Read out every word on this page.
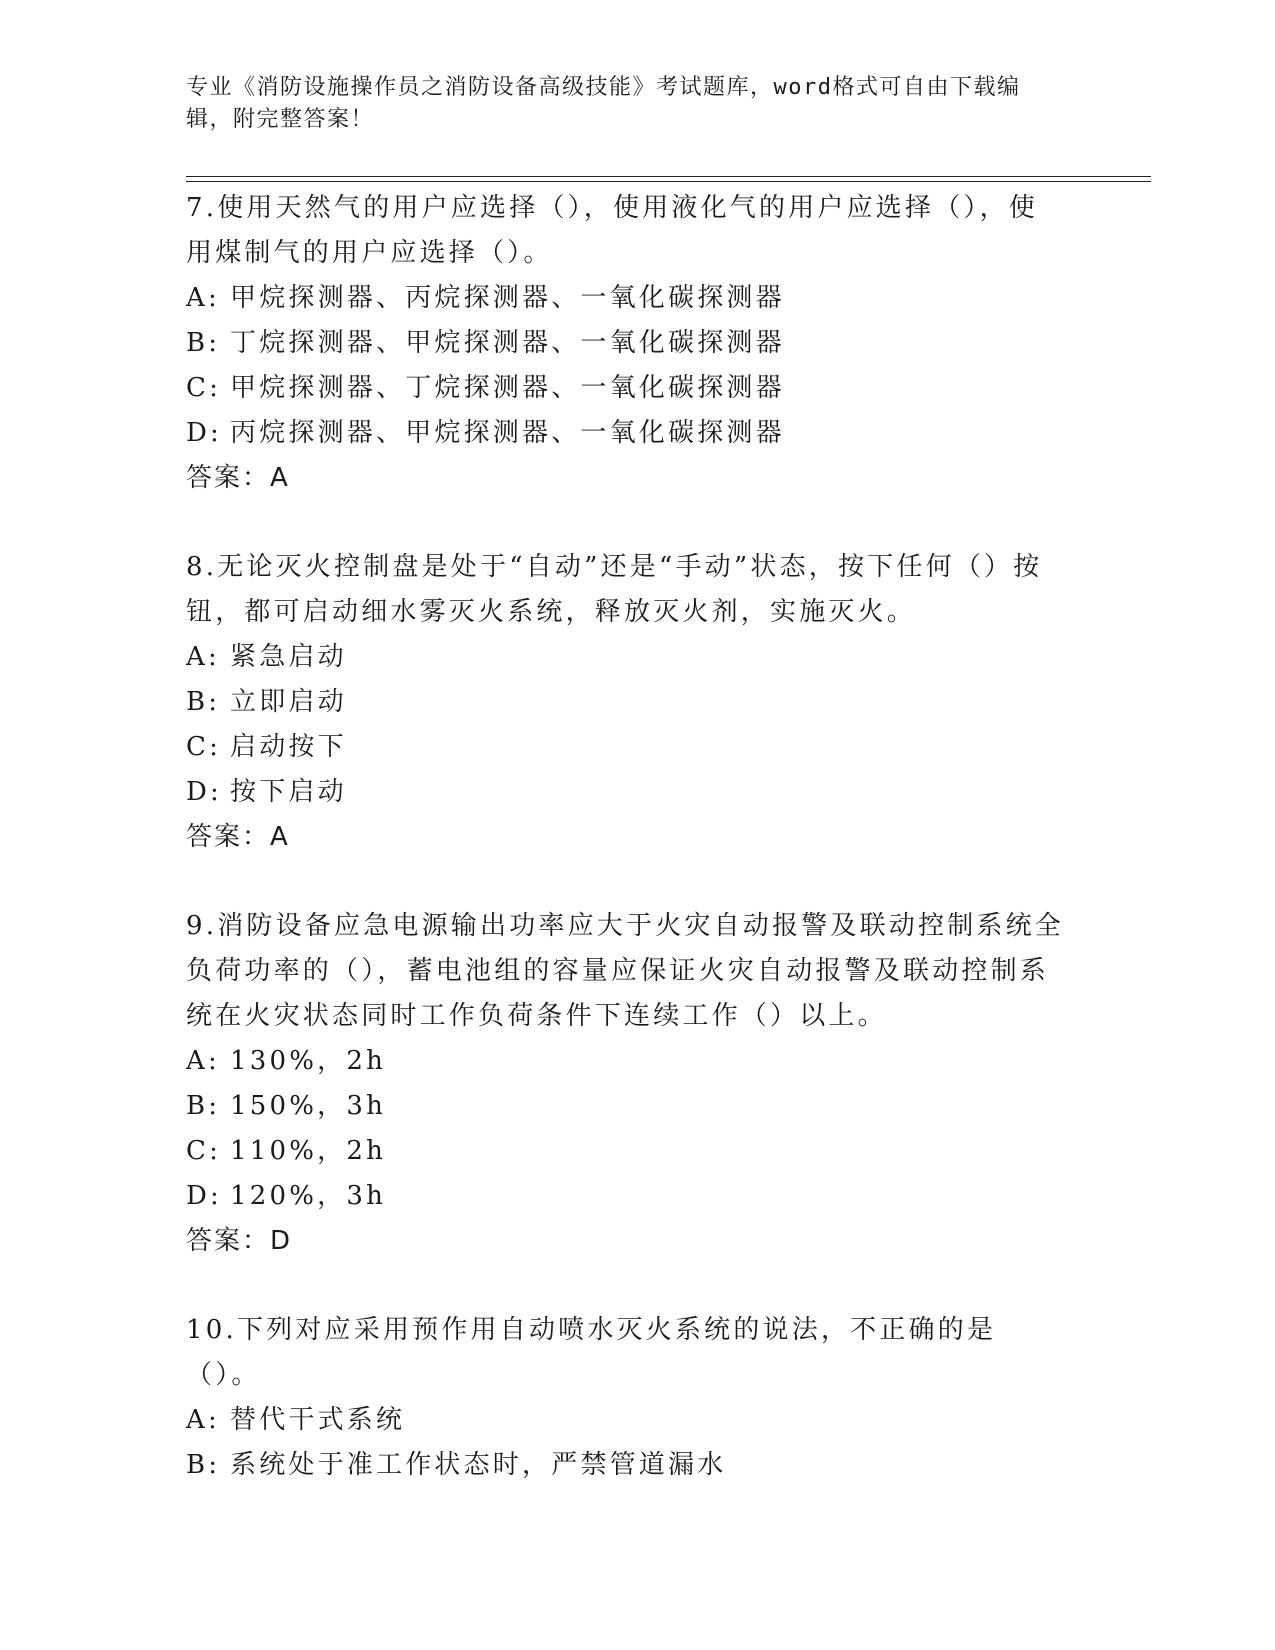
专业《消防设施操作员之消防设备高级技能》考试题库，word格式可自由下载编辑，附完整答案！

7.使用天然气的用户应选择（），使用液化气的用户应选择（），使用煤制气的用户应选择（）。

A: 甲烷探测器、丙烷探测器、一氧化碳探测器

B: 丁烷探测器、甲烷探测器、一氧化碳探测器

C: 甲烷探测器、丁烷探测器、一氧化碳探测器

D: 丙烷探测器、甲烷探测器、一氧化碳探测器

答案：A

8.无论灭火控制盘是处于“自动”还是“手动”状态，按下任何（）按钮，都可启动细水雾灭火系统，释放灭火剂，实施灭火。

A: 紧急启动

B: 立即启动

C: 启动按下

D: 按下启动

答案：A

9.消防设备应急电源输出功率应大于火灾自动报警及联动控制系统全负荷功率的（），蓄电池组的容量应保证火灾自动报警及联动控制系统在火灾状态同时工作负荷条件下连续工作（）以上。

A: 130%，2h

B: 150%，3h

C: 110%，2h

D: 120%，3h

答案：D

10.下列对应采用预作用自动喷水灭火系统的说法，不正确的是（）。

A: 替代干式系统

B: 系统处于准工作状态时，严禁管道漏水
